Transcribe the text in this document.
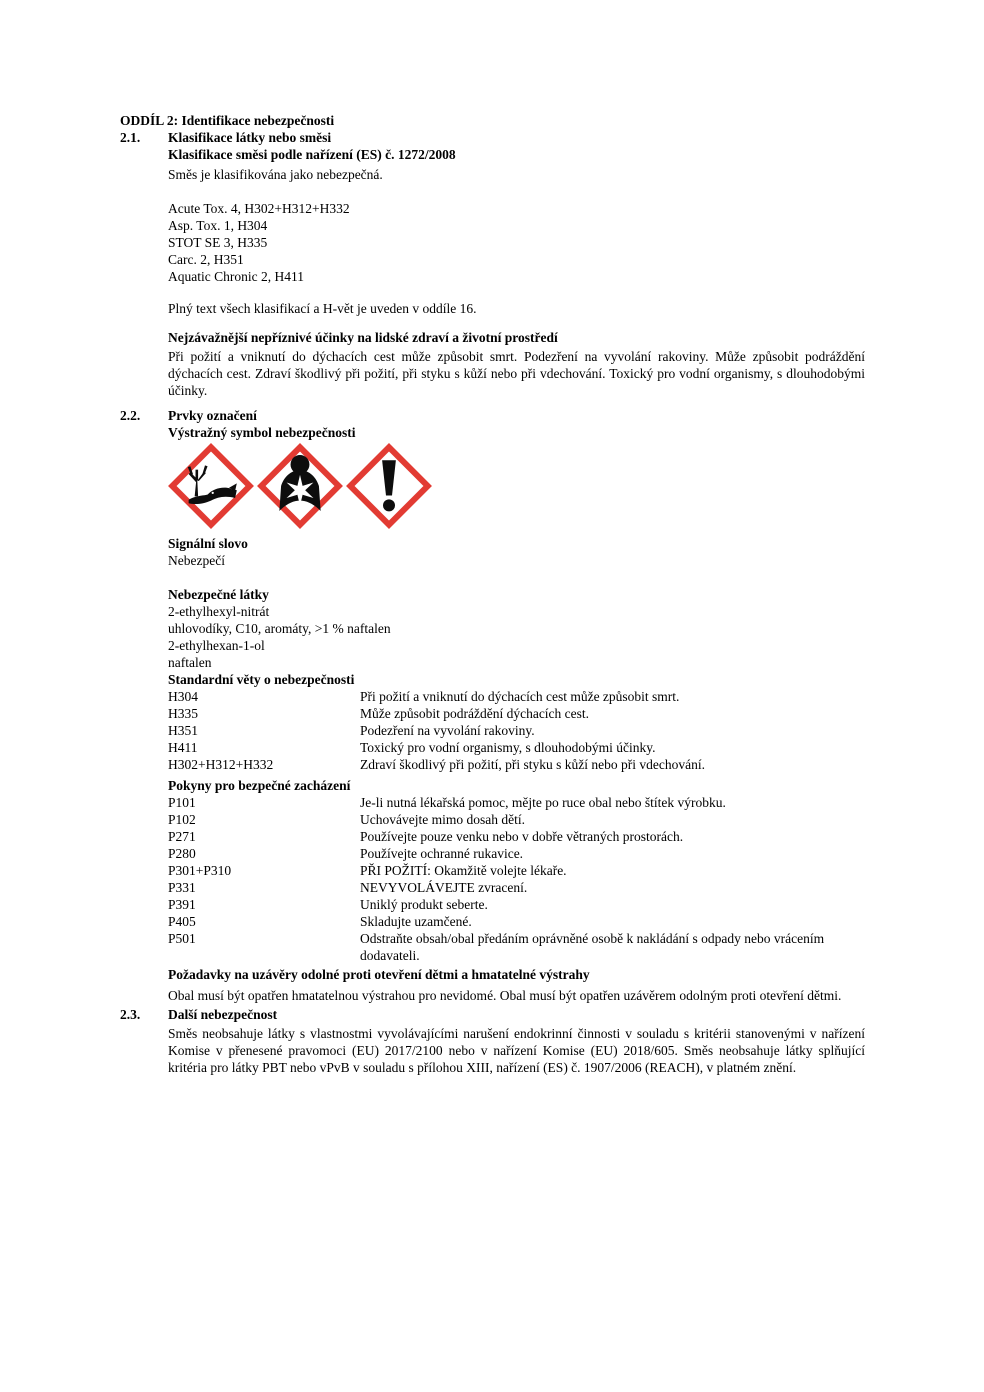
ODDÍL 2: Identifikace nebezpečnosti
2.1.	Klasifikace látky nebo směsi
Klasifikace směsi podle nařízení (ES) č. 1272/2008
Směs je klasifikována jako nebezpečná.
Acute Tox. 4, H302+H312+H332
Asp. Tox. 1, H304
STOT SE 3, H335
Carc. 2, H351
Aquatic Chronic 2, H411
Plný text všech klasifikací a H-vět je uveden v oddíle 16.
Nejzávažnější nepříznivé účinky na lidské zdraví a životní prostředí
Při požití a vniknutí do dýchacích cest může způsobit smrt. Podezření na vyvolání rakoviny. Může způsobit podráždění dýchacích cest. Zdraví škodlivý při požití, při styku s kůží nebo při vdechování. Toxický pro vodní organismy, s dlouhodobými účinky.
2.2.	Prvky označení
Výstražný symbol nebezpečnosti
Signální slovo
Nebezpečí
Nebezpečné látky
2-ethylhexyl-nitrát
uhlovodíky, C10, aromáty, >1 % naftalen
2-ethylhexan-1-ol
naftalen
Standardní věty o nebezpečnosti
H304	Při požití a vniknutí do dýchacích cest může způsobit smrt.
H335	Může způsobit podráždění dýchacích cest.
H351	Podezření na vyvolání rakoviny.
H411	Toxický pro vodní organismy, s dlouhodobými účinky.
H302+H312+H332	Zdraví škodlivý při požití, při styku s kůží nebo při vdechování.
Pokyny pro bezpečné zacházení
P101	Je-li nutná lékařská pomoc, mějte po ruce obal nebo štítek výrobku.
P102	Uchovávejte mimo dosah dětí.
P271	Používejte pouze venku nebo v dobře větraných prostorách.
P280	Používejte ochranné rukavice.
P301+P310	PŘI POŽITÍ: Okamžitě volejte lékaře.
P331	NEVYVOLÁVEJTE zvracení.
P391	Uniklý produkt seberte.
P405	Skladujte uzamčené.
P501	Odstraňte obsah/obal předáním oprávněné osobě k nakládání s odpady nebo vrácením dodavateli.
Požadavky na uzávěry odolné proti otevření dětmi a hmatatelné výstrahy
Obal musí být opatřen hmatatelnou výstrahou pro nevidomé. Obal musí být opatřen uzávěrem odolným proti otevření dětmi.
2.3.	Další nebezpečnost
Směs neobsahuje látky s vlastnostmi vyvolávajícími narušení endokrinní činnosti v souladu s kritérii stanovenými v nařízení Komise v přenesené pravomoci (EU) 2017/2100 nebo v nařízení Komise (EU) 2018/605. Směs neobsahuje látky splňující kritéria pro látky PBT nebo vPvB v souladu s přílohou XIII, nařízení (ES) č. 1907/2006 (REACH), v platném znění.
